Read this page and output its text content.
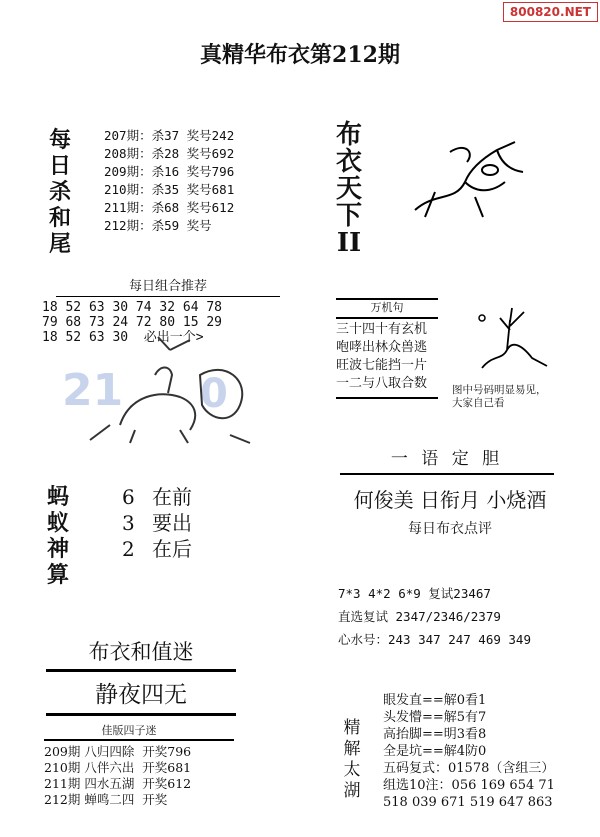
800820.NET
真精华布衣第212期
每
日
杀
和
尾
207期：杀37 奖号242
208期：杀28 奖号692
209期：杀16 奖号796
210期：杀35 奖号681
211期：杀68 奖号612
212期：杀59 奖号
布
衣
天
下
II
每日组合推荐
18 52 63 30 74 32 64 78
79 68 73 24 72 80 15 29
18 52 63 30  必出一个>
21 0
万机句
三十四十有玄机
咆哮出林众兽逃
旺波七能挡一片
一二与八取合数	图中号码明显易见，
大家自己看
蚂
蚁
神
算
6 在前
3 要出
2 在后
一 语 定 胆
何俊美 日衔月 小烧酒
每日布衣点评
7*3 4*2 6*9 复试23467
直选复试 2347/2346/2379
心水号：243 347 247 469 349
布衣和值迷
静夜四无
佳版四子迷
209期 八归四除  开奖796
210期 八伴六出  开奖681
211期 四水五湖  开奖612
212期 蝉鸣二四  开奖
精
解
太
湖
眼发直==解0看1
头发懵==解5有7
高抬脚==明3看8
全是坑==解4防0
五码复式：01578（含组三）
组选10注：056 169 654 71
518 039 671 519 647 863
